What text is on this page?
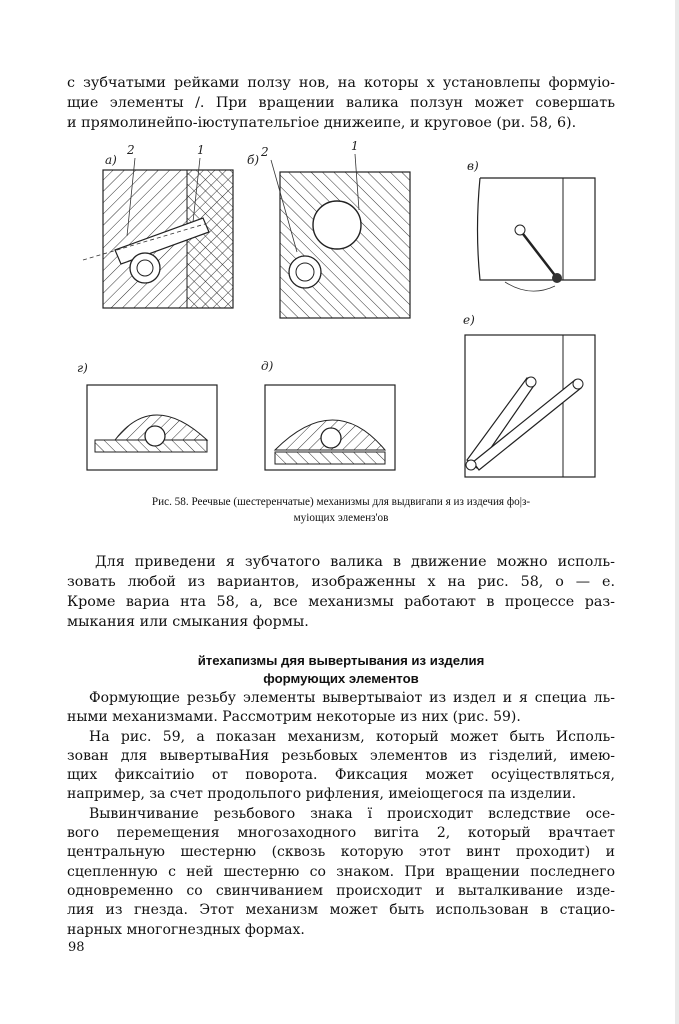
с зубчатыми рейками ползу нов, на которы х установлепы формуіо-
щие элементы /. При вращении валика ползун может совершать
и прямолинейпо-іюступательгіое днижеипе, и круговое (ри. 58, 6).
а)
2	1
б)
2	1
в)
г)	д)
е)
Рис. 58. Реечвые (шестеренчатые) механизмы для выдвигапи я из издечия фо|з-
муіощих элеменз'ов
Для приведени я зубчатого валика в движение можно исполь-
зовать любой из вариантов, изображенны х на рис. 58, о — е.
Кроме вариа нта 58, а, все механизмы работают в процессе раз-
мыкания или смыкания формы.
йтехапизмы дяя вывертывания из изделия
формующих элементов
Формующие резьбу элементы вывертываіот из издел и я специа ль-
ными механизмами. Рассмотрим некоторые из них (рис. 59).
На рис. 59, а показан механизм, который может быть Исполь-
зован для вывертываНия резьбовых элементов из гіздeлий, имею-
щих фиксаітиіо от поворота. Фиксация может осуіцествляться,
например, за счет продольпого рифления, имеіощегося па изделии.
Вывинчивание резьбового знака ї происходит вследствие осе-
вого перемещения многозаходного вигіта 2, который врачтает
центральную шестерню (сквозь которую этот винт проходит) и
сцепленную с ней шестерню со знаком. При вращении последнего
одновременно со свинчиванием происходит и выталкивание изде-
лия из гнезда. Этот механизм может быть использован в стацио-
нарных многогнездных формах.
98
